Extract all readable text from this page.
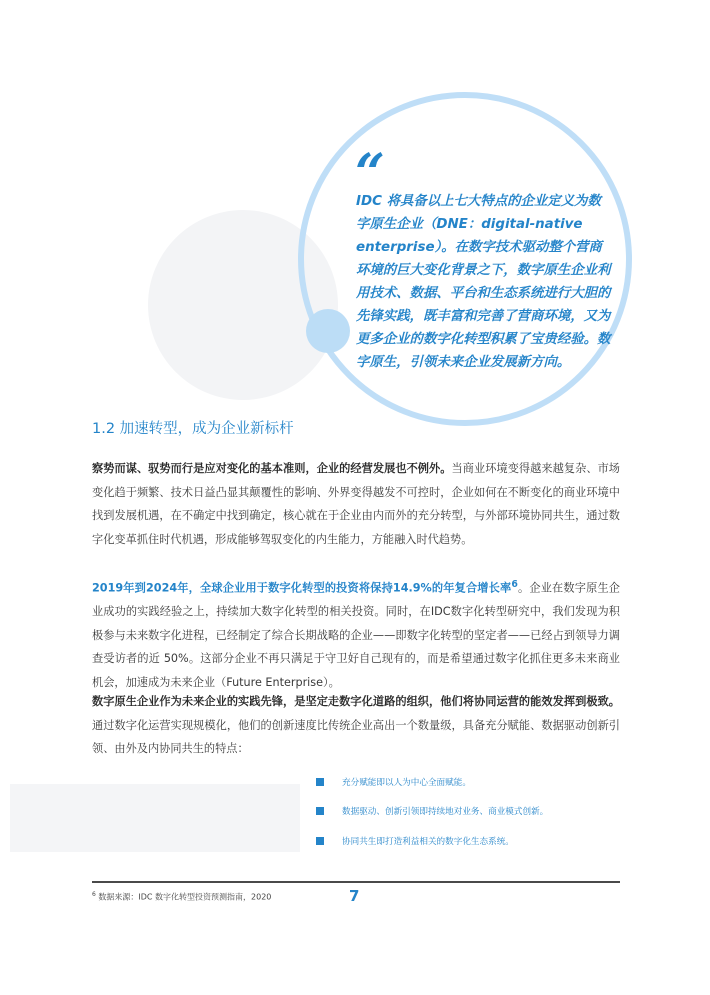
“
IDC 将具备以上七大特点的企业定义为数字原生企业（DNE：digital-native enterprise）。在数字技术驱动整个营商环境的巨大变化背景之下，数字原生企业利用技术、数据、平台和生态系统进行大胆的先锋实践，既丰富和完善了营商环境，又为更多企业的数字化转型积累了宝贵经验。数字原生，引领未来企业发展新方向。
1.2 加速转型，成为企业新标杆
察势而谋、驭势而行是应对变化的基本准则，企业的经营发展也不例外。当商业环境变得越来越复杂、市场变化趋于频繁、技术日益凸显其颠覆性的影响、外界变得越发不可控时，企业如何在不断变化的商业环境中找到发展机遇，在不确定中找到确定，核心就在于企业由内而外的充分转型，与外部环境协同共生，通过数字化变革抓住时代机遇，形成能够驾驭变化的内生能力，方能融入时代趋势。
2019年到2024年，全球企业用于数字化转型的投资将保持14.9%的年复合增长率$^6$。企业在数字原生企业成功的实践经验之上，持续加大数字化转型的相关投资。同时，在IDC数字化转型研究中，我们发现为积极参与未来数字化进程，已经制定了综合长期战略的企业——即数字化转型的坚定者——已经占到领导力调查受访者的近 50%。这部分企业不再只满足于守卫好自己现有的，而是希望通过数字化抓住更多未来商业机会，加速成为未来企业（Future Enterprise）。
数字原生企业作为未来企业的实践先锋，是坚定走数字化道路的组织，他们将协同运营的能效发挥到极致。通过数字化运营实现规模化，他们的创新速度比传统企业高出一个数量级，具备充分赋能、数据驱动创新引领、由外及内协同共生的特点：
充分赋能即以人为中心全面赋能。
数据驱动、创新引领即持续地对业务、商业模式创新。
协同共生即打造利益相关的数字化生态系统。
$^6$ 数据来源：IDC 数字化转型投资预测指南，2020	7
